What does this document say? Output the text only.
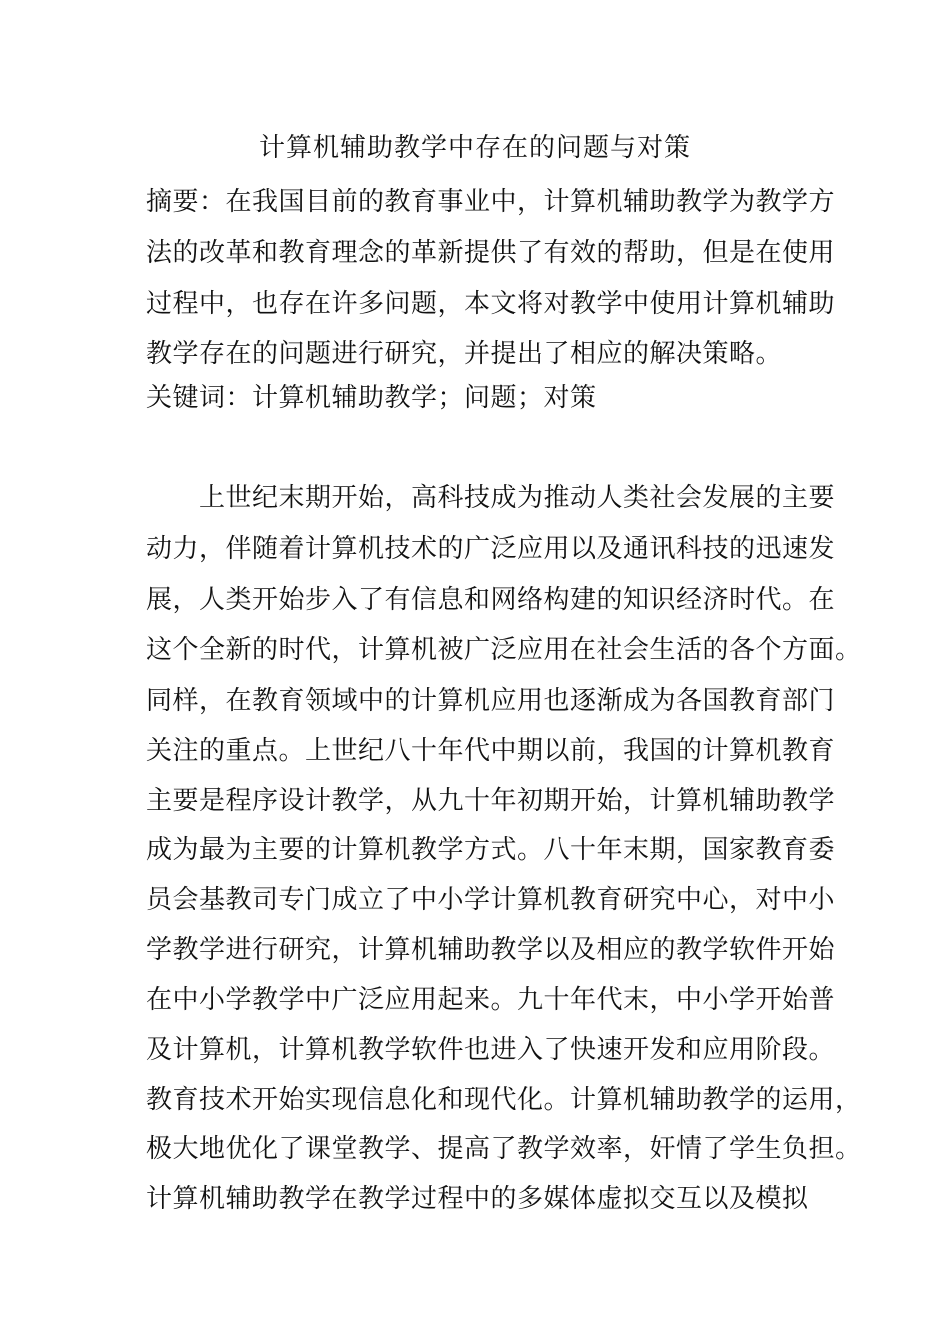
计算机辅助教学中存在的问题与对策
摘要：在我国目前的教育事业中，计算机辅助教学为教学方
法的改革和教育理念的革新提供了有效的帮助，但是在使用
过程中，也存在许多问题，本文将对教学中使用计算机辅助
教学存在的问题进行研究，并提出了相应的解决策略。
关键词：计算机辅助教学；问题；对策
　　上世纪末期开始，高科技成为推动人类社会发展的主要
动力，伴随着计算机技术的广泛应用以及通讯科技的迅速发
展，人类开始步入了有信息和网络构建的知识经济时代。在
这个全新的时代，计算机被广泛应用在社会生活的各个方面。
同样，在教育领域中的计算机应用也逐渐成为各国教育部门
关注的重点。上世纪八十年代中期以前，我国的计算机教育
主要是程序设计教学，从九十年初期开始，计算机辅助教学
成为最为主要的计算机教学方式。八十年末期，国家教育委
员会基教司专门成立了中小学计算机教育研究中心，对中小
学教学进行研究，计算机辅助教学以及相应的教学软件开始
在中小学教学中广泛应用起来。九十年代末，中小学开始普
及计算机，计算机教学软件也进入了快速开发和应用阶段。
教育技术开始实现信息化和现代化。计算机辅助教学的运用，
极大地优化了课堂教学、提高了教学效率，奸情了学生负担。
计算机辅助教学在教学过程中的多媒体虚拟交互以及模拟
